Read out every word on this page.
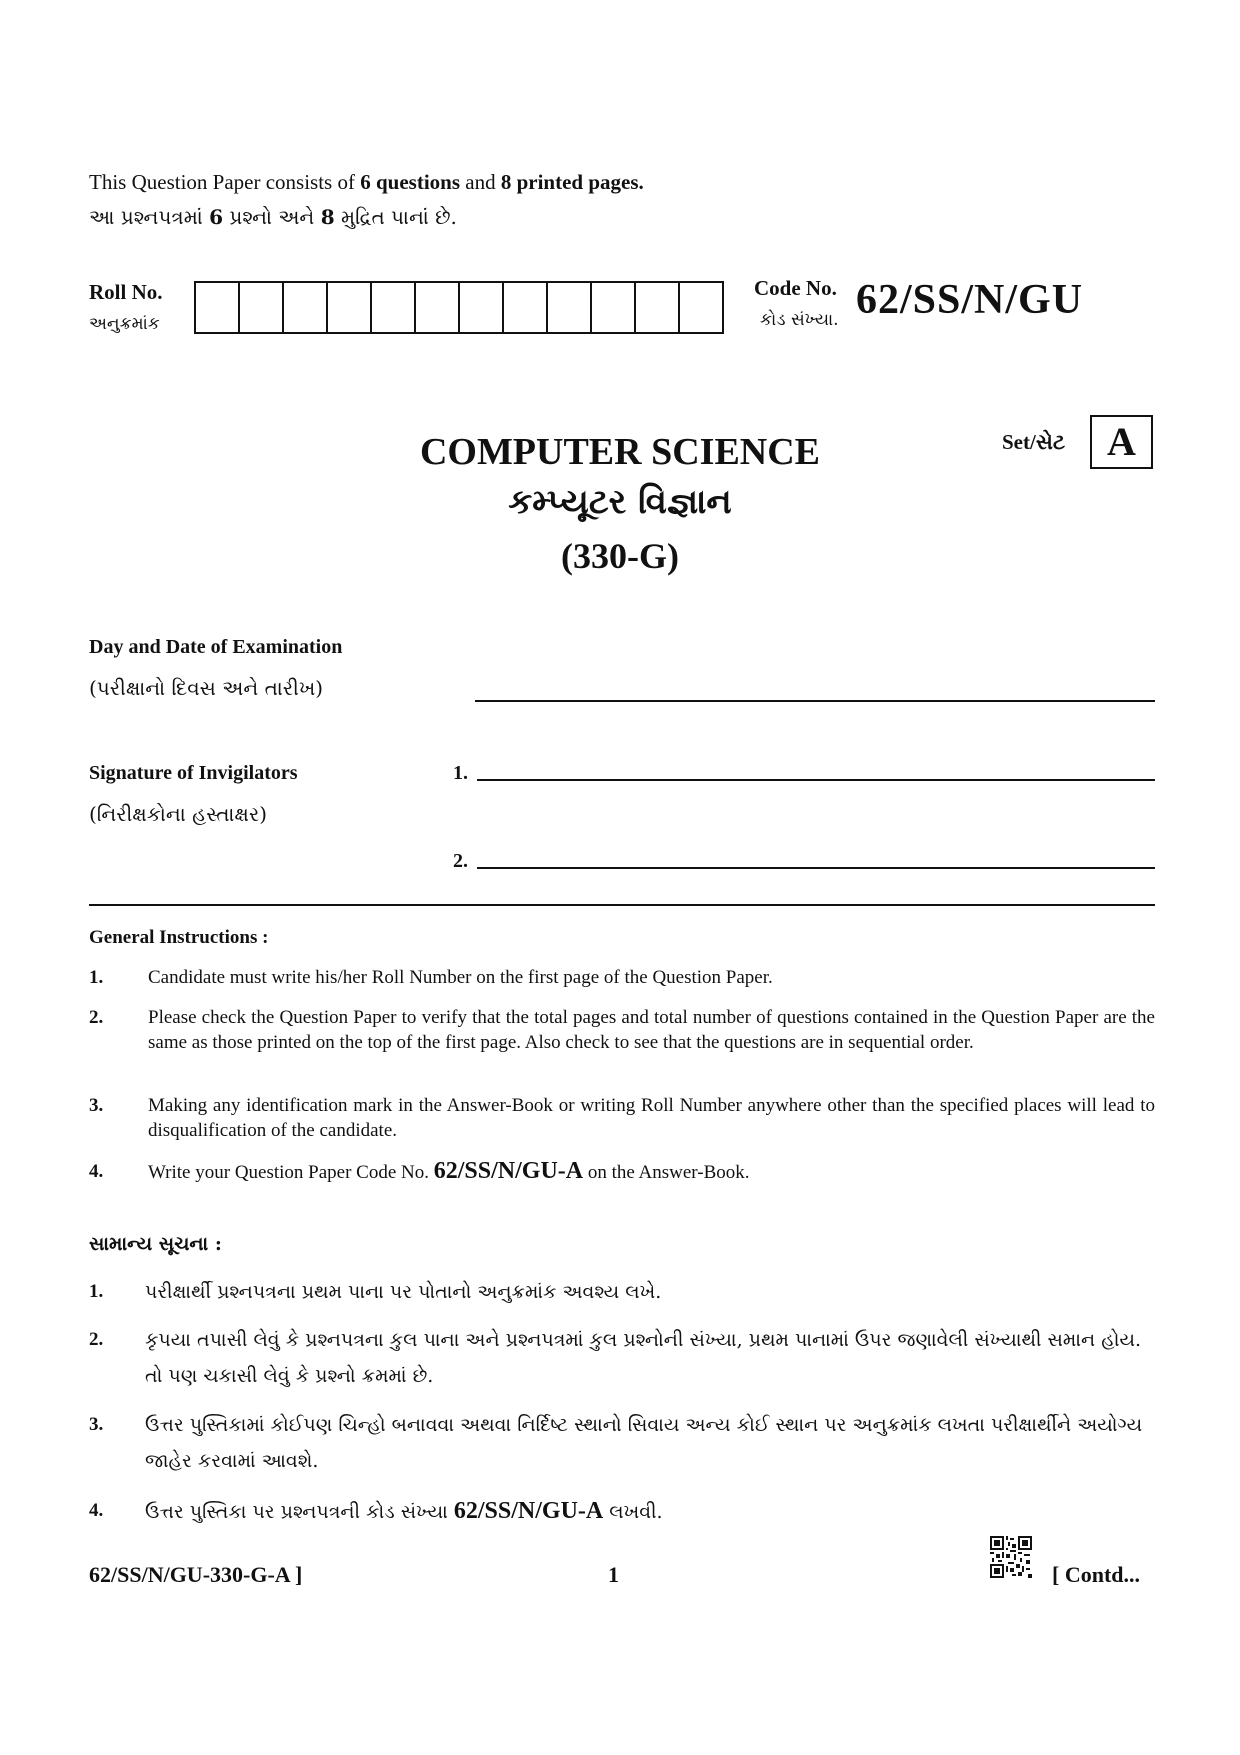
This Question Paper consists of 6 questions and 8 printed pages.
આ પ્રશ્નપત્રમાં 6 પ્રશ્નો અને 8 મુદ્રિત પાનાં છે.
Roll No.
અનુક્રમાંક
Code No.
કોડ સંખ્યા. 62/SS/N/GU
Set/સેટ	A
COMPUTER SCIENCE
કમ્પ્યૂટર વિજ્ઞાન
(330-G)
Day and Date of Examination
(પરીક્ષાનો દિવસ અને તારીખ)
Signature of Invigilators
(નિરીક્ષકોના હસ્તાક્ષર)
1.
2.
General Instructions :
1. Candidate must write his/her Roll Number on the first page of the Question Paper.
2. Please check the Question Paper to verify that the total pages and total number of questions contained in the Question Paper are the same as those printed on the top of the first page. Also check to see that the questions are in sequential order.
3. Making any identification mark in the Answer-Book or writing Roll Number anywhere other than the specified places will lead to disqualification of the candidate.
4. Write your Question Paper Code No. 62/SS/N/GU-A on the Answer-Book.
સામાન્ય સૂચના :
1. પરીક્ષાર્થી પ્રશ્નપત્રના પ્રથમ પાના પર પોતાનો અનુક્રમાંક અવશ્ય લખે.
2. કૃપયા તપાસી લેવું કે પ્રશ્નપત્રના કુલ પાના અને પ્રશ્નપત્રમાં કુલ પ્રશ્નોની સંખ્યા, પ્રથમ પાનામાં ઉપર જણાવેલી સંખ્યાથી સમાન હોય. તો પણ ચકાસી લેવું કે પ્રશ્નો ક્રમમાં છે.
3. ઉત્તર પુસ્તિકામાં કોઈપણ ચિન્હો બનાવવા અથવા નિર્દિષ્ટ સ્થાનો સિવાય અન્ય કોઈ સ્થાન પર અનુક્રમાંક લખતા પરીક્ષાર્થીને અયોગ્ય જાહેર કરવામાં આવશે.
4. ઉત્તર પુસ્તિકા પર પ્રશ્નપત્રની કોડ સંખ્યા 62/SS/N/GU-A લખવી.
62/SS/N/GU-330-G-A ]	1	[ Contd...
